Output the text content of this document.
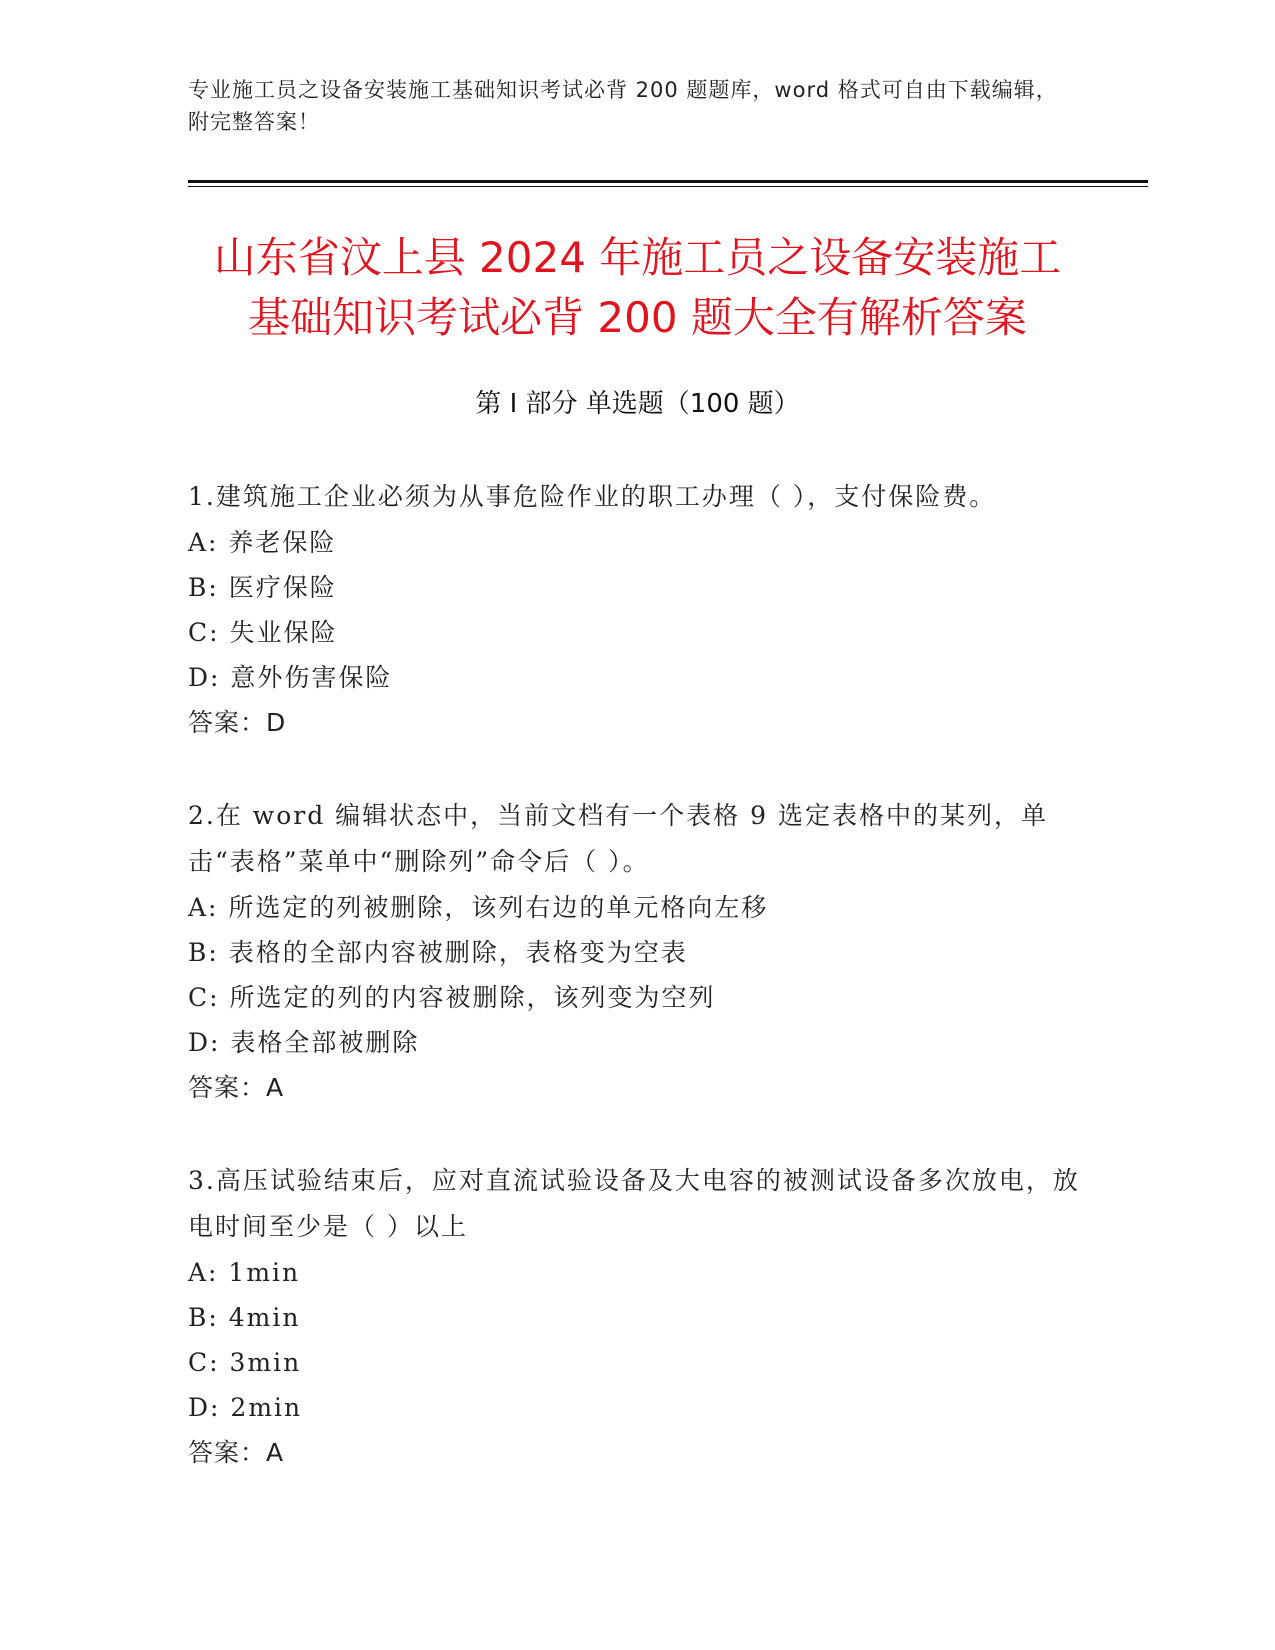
专业施工员之设备安装施工基础知识考试必背 200 题题库，word 格式可自由下载编辑，附完整答案！
山东省汶上县 2024 年施工员之设备安装施工
基础知识考试必背 200 题大全有解析答案
第 I 部分 单选题（100 题）
1.建筑施工企业必须为从事危险作业的职工办理（ ），支付保险费。
A: 养老保险
B: 医疗保险
C: 失业保险
D: 意外伤害保险
答案：D
2.在 word 编辑状态中，当前文档有一个表格 9 选定表格中的某列，单击“表格”菜单中“删除列”命令后（ ）。
A: 所选定的列被删除，该列右边的单元格向左移
B: 表格的全部内容被删除，表格变为空表
C: 所选定的列的内容被删除，该列变为空列
D: 表格全部被删除
答案：A
3.高压试验结束后，应对直流试验设备及大电容的被测试设备多次放电，放电时间至少是（ ）以上
A: 1min
B: 4min
C: 3min
D: 2min
答案：A
